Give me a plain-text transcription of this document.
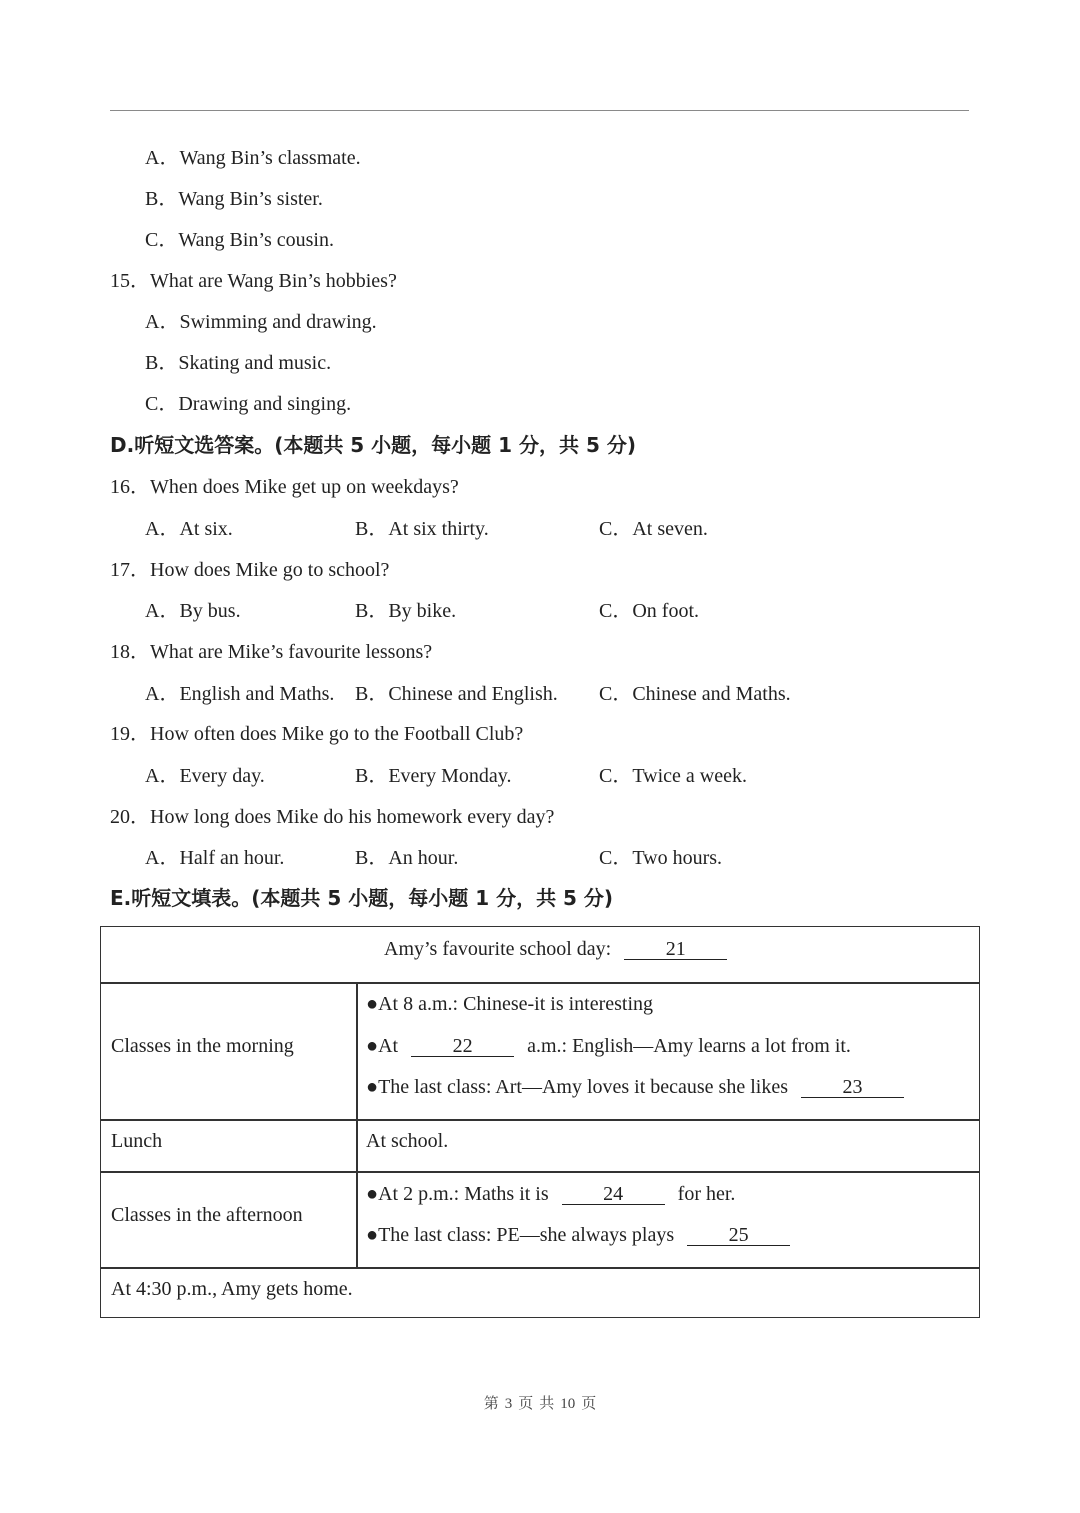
A．Wang Bin’s classmate.
B．Wang Bin’s sister.
C．Wang Bin’s cousin.
15．What are Wang Bin’s hobbies?
A．Swimming and drawing.
B．Skating and music.
C．Drawing and singing.
D.听短文选答案。(本题共 5 小题，每小题 1 分，共 5 分)
16．When does Mike get up on weekdays?
A．At six.	B．At six thirty.	C．At seven.
17．How does Mike go to school?
A．By bus.	B．By bike.	C．On foot.
18．What are Mike’s favourite lessons?
A．English and Maths. B．Chinese and English. C．Chinese and Maths.
19．How often does Mike go to the Football Club?
A．Every day.	B．Every Monday.	C．Twice a week.
20．How long does Mike do his homework every day?
A．Half an hour.	B．An hour.	C．Two hours.
E.听短文填表。(本题共 5 小题，每小题 1 分，共 5 分)
Amy’s favourite school day:	21
Classes in the morning
●At 8 a.m.: Chinese-it is interesting
●At	22	a.m.: English—Amy learns a lot from it.
●The last class: Art—Amy loves it because she likes	23
Lunch	At school.
Classes in the afternoon
●At 2 p.m.: Maths it is	24	for her.
●The last class: PE—she always plays	25
At 4:30 p.m., Amy gets home.
第 3 页 共 10 页
